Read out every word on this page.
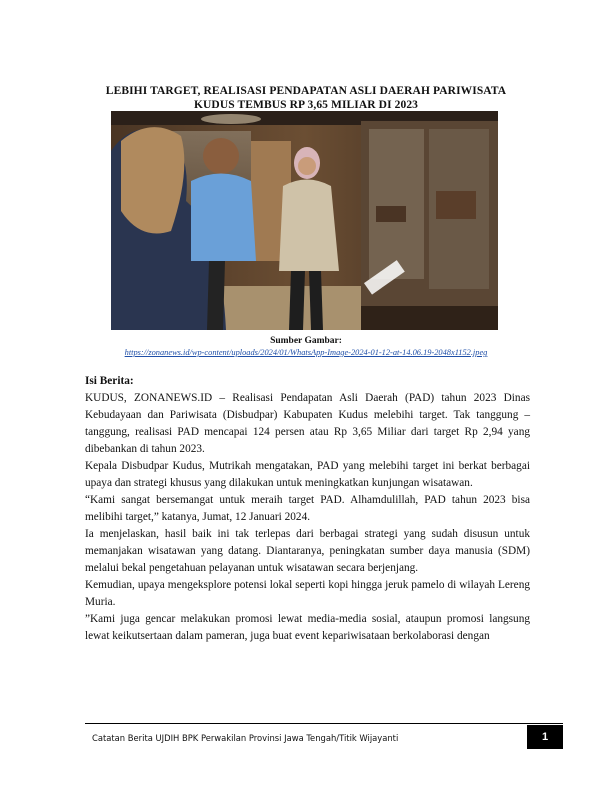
LEBIHI TARGET, REALISASI PENDAPATAN ASLI DAERAH PARIWISATA
KUDUS TEMBUS RP 3,65 MILIAR DI 2023
Sumber Gambar:
https://zonanews.id/wp-content/uploads/2024/01/WhatsApp-Image-2024-01-12-at-14.06.19-2048x1152.jpeg

Isi Berita:

KUDUS, ZONANEWS.ID – Realisasi Pendapatan Asli Daerah (PAD) tahun 2023 Dinas Kebudayaan dan Pariwisata (Disbudpar) Kabupaten Kudus melebihi target. Tak tanggung – tanggung, realisasi PAD mencapai 124 persen atau Rp 3,65 Miliar dari target Rp 2,94 yang dibebankan di tahun 2023.

Kepala Disbudpar Kudus, Mutrikah mengatakan, PAD yang melebihi target ini berkat berbagai upaya dan strategi khusus yang dilakukan untuk meningkatkan kunjungan wisatawan.

“Kami sangat bersemangat untuk meraih target PAD. Alhamdulillah, PAD tahun 2023 bisa melibihi target,” katanya, Jumat, 12 Januari 2024.

Ia menjelaskan, hasil baik ini tak terlepas dari berbagai strategi yang sudah disusun untuk memanjakan wisatawan yang datang. Diantaranya, peningkatan sumber daya manusia (SDM) melalui bekal pengetahuan pelayanan untuk wisatawan secara berjenjang.

Kemudian, upaya mengeksplore potensi lokal seperti kopi hingga jeruk pamelo di wilayah Lereng Muria.

”Kami juga gencar melakukan promosi lewat media-media sosial, ataupun promosi langsung lewat keikutsertaan dalam pameran, juga buat event kepariwisataan berkolaborasi dengan

Catatan Berita UJDIH BPK Perwakilan Provinsi Jawa Tengah/Titik Wijayanti	1
